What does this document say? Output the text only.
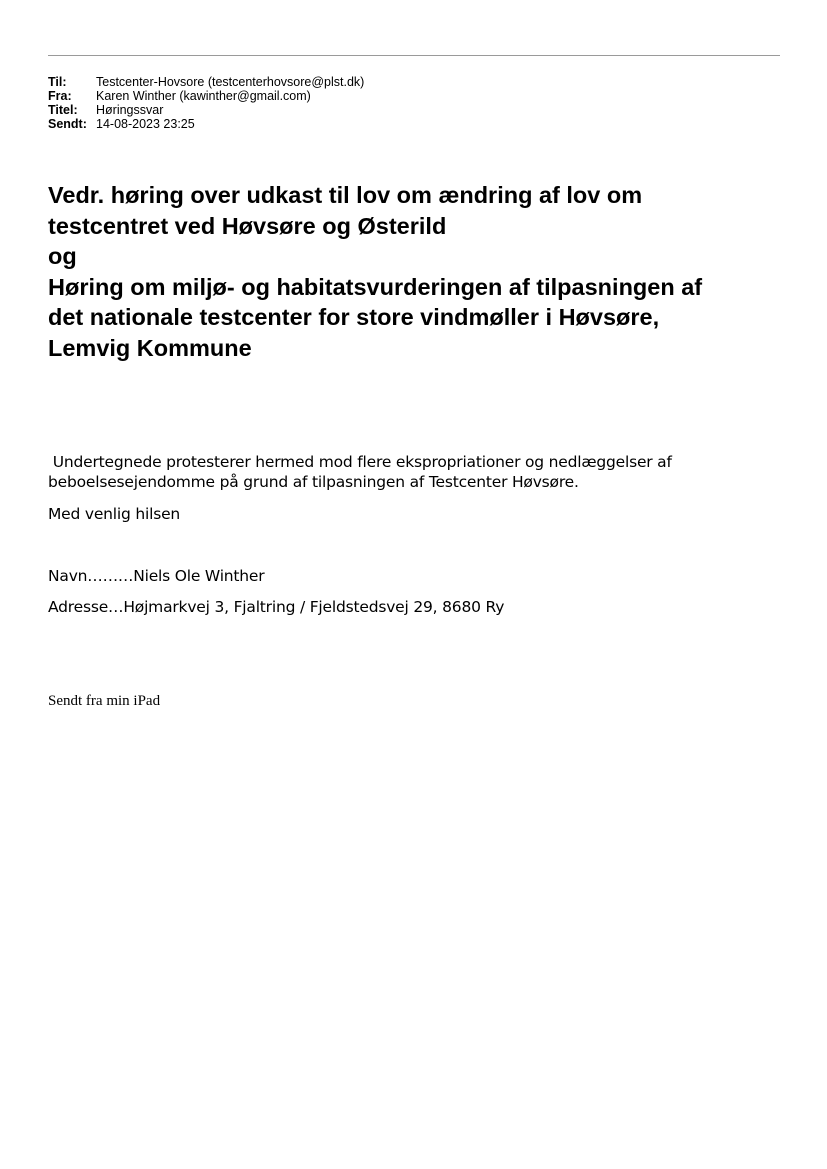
Til:	Testcenter-Hovsore (testcenterhovsore@plst.dk)
Fra:	Karen Winther (kawinther@gmail.com)
Titel:	Høringssvar
Sendt: 14-08-2023 23:25
Vedr. høring over udkast til lov om ændring af lov om
testcentret ved Høvsøre og Østerild
og
Høring om miljø- og habitatsvurderingen af tilpasningen af
det nationale testcenter for store vindmøller i Høvsøre,
Lemvig Kommune

Undertegnede protesterer hermed mod flere ekspropriationer og nedlæggelser af
beboelsesejendomme på grund af tilpasningen af Testcenter Høvsøre.

Med venlig hilsen

Navn………Niels Ole Winther

Adresse…Højmarkvej 3, Fjaltring / Fjeldstedsvej 29, 8680 Ry

Sendt fra min iPad
